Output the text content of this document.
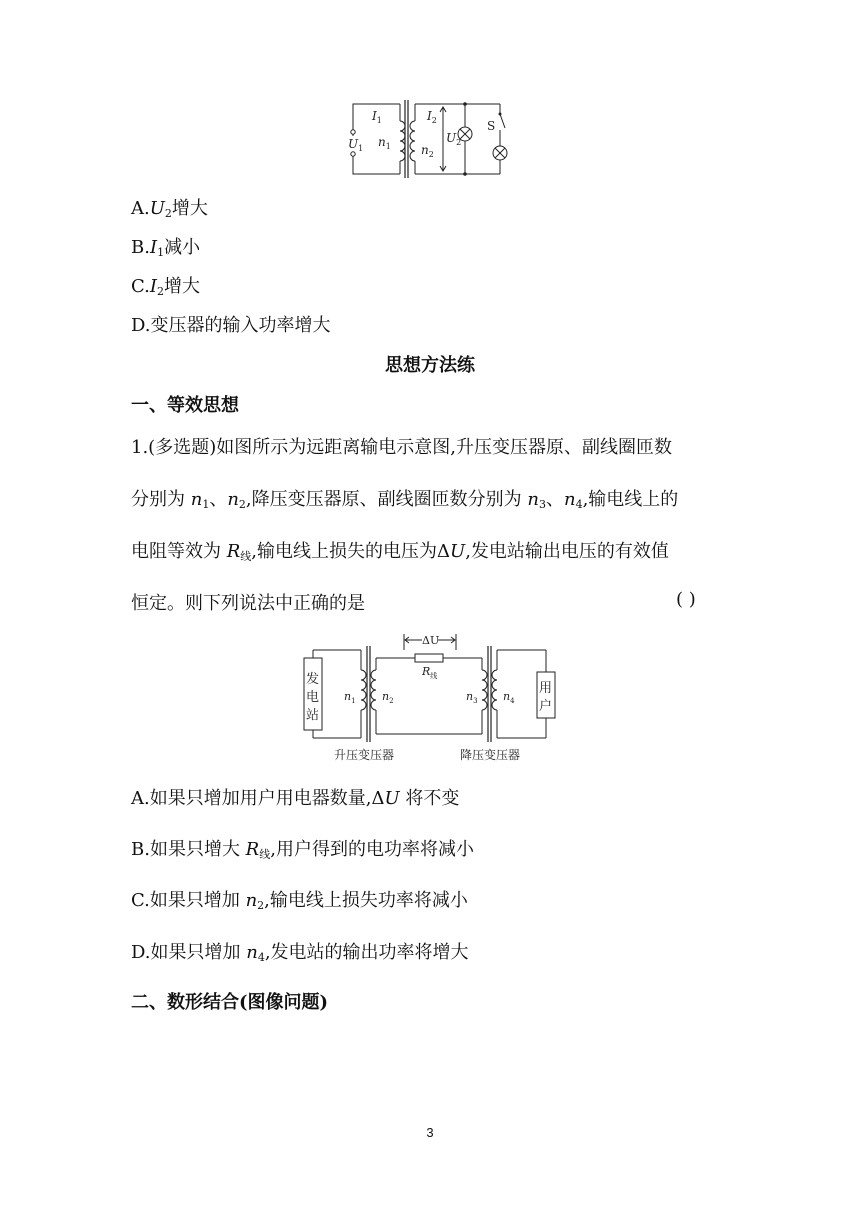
$I_1$
$n_1$
$U_1$
$I_2$
$n_2$
$U_2$
S
$A.U_2$增大
$B.I_1$减小
$C.I_2$增大
D.变压器的输入功率增大
思想方法练
一、等效思想
1.(多选题)如图所示为远距离输电示意图,升压变压器原、副线圈匝数
分别为 $n_1$、$n_2$,降压变压器原、副线圈匝数分别为 $n_3$、$n_4$,输电线上的
电阻等效为 $R_线$,输电线上损失的电压为ΔU,发电站输出电压的有效值
恒定。则下列说法中正确的是	( )
发
电
站
用
户
ΔU
$R_线$
$n_1$ $n_2$	$n_3$ $n_4$
升压变压器	降压变压器
A.如果只增加用户用电器数量,ΔU 将不变
B.如果只增大 $R_线$,用户得到的电功率将减小
C.如果只增加 $n_2$,输电线上损失功率将减小
D.如果只增加 $n_4$,发电站的输出功率将增大
二、数形结合(图像问题)
3
